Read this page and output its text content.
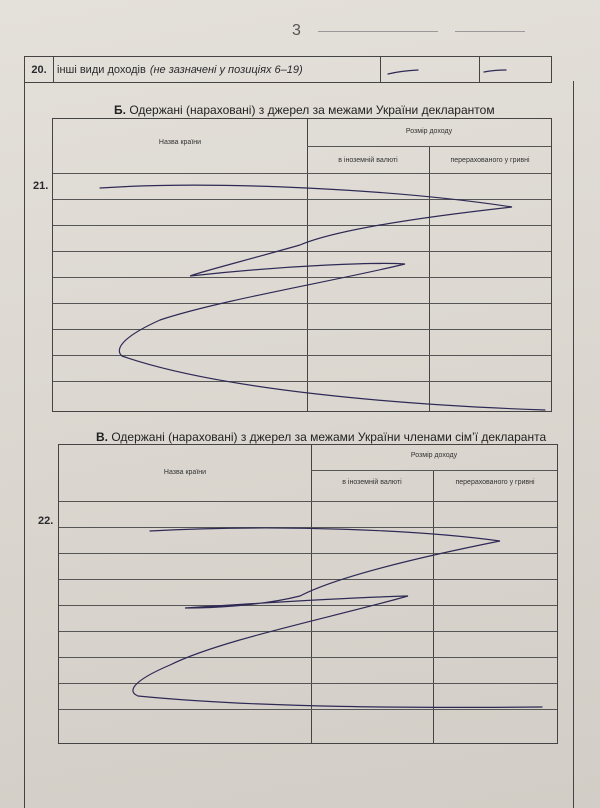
3
20. інші види доходів (не зазначені у позиціях 6–19)
Б. Одержані (нараховані) з джерел за межами України декларантом
Назва країни
Розмір доходу
в іноземній валюті	перерахованого у гривні
21.
В. Одержані (нараховані) з джерел за межами України членами сім’ї декларанта
Назва країни
Розмір доходу
в іноземній валюті	перерахованого у гривні
22.
